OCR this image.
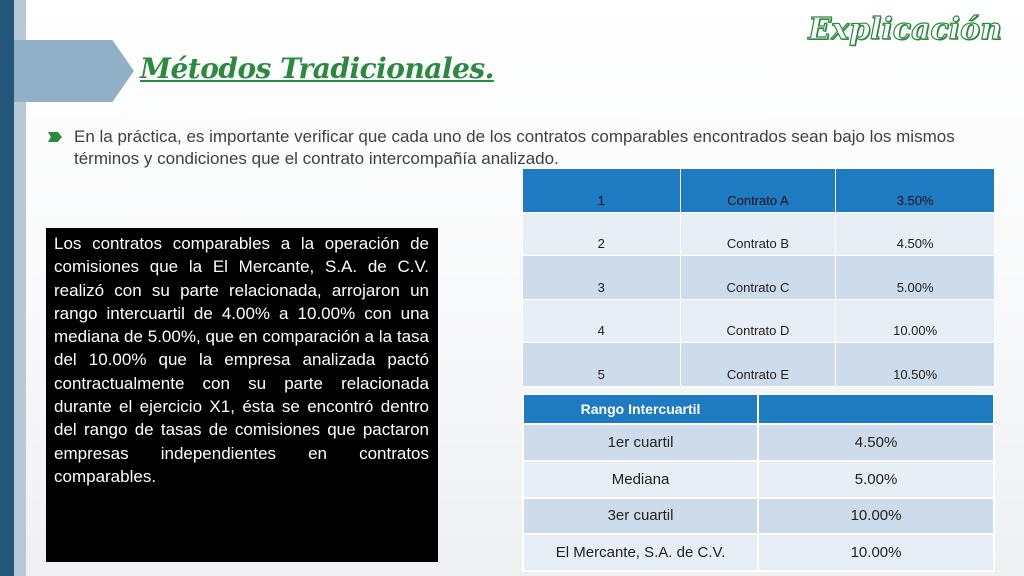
Métodos Tradicionales.
Explicación
En la práctica, es importante verificar que cada uno de los contratos comparables encontrados sean bajo los mismos términos y condiciones que el contrato intercompañía analizado.
Los contratos comparables a la operación de comisiones que la El Mercante, S.A. de C.V. realizó con su parte relacionada, arrojaron un rango intercuartil de 4.00% a 10.00% con una mediana de 5.00%, que en comparación a la tasa del 10.00% que la empresa analizada pactó contractualmente con su parte relacionada durante el ejercicio X1, ésta se encontró dentro del rango de tasas de comisiones que pactaron empresas independientes en contratos comparables.
1	Contrato A	3.50%
2	Contrato B	4.50%
3	Contrato C	5.00%
4	Contrato D	10.00%
5	Contrato E	10.50%
Rango Intercuartil	
1er cuartil	4.50%
Mediana	5.00%
3er cuartil	10.00%
El Mercante, S.A. de C.V.	10.00%
